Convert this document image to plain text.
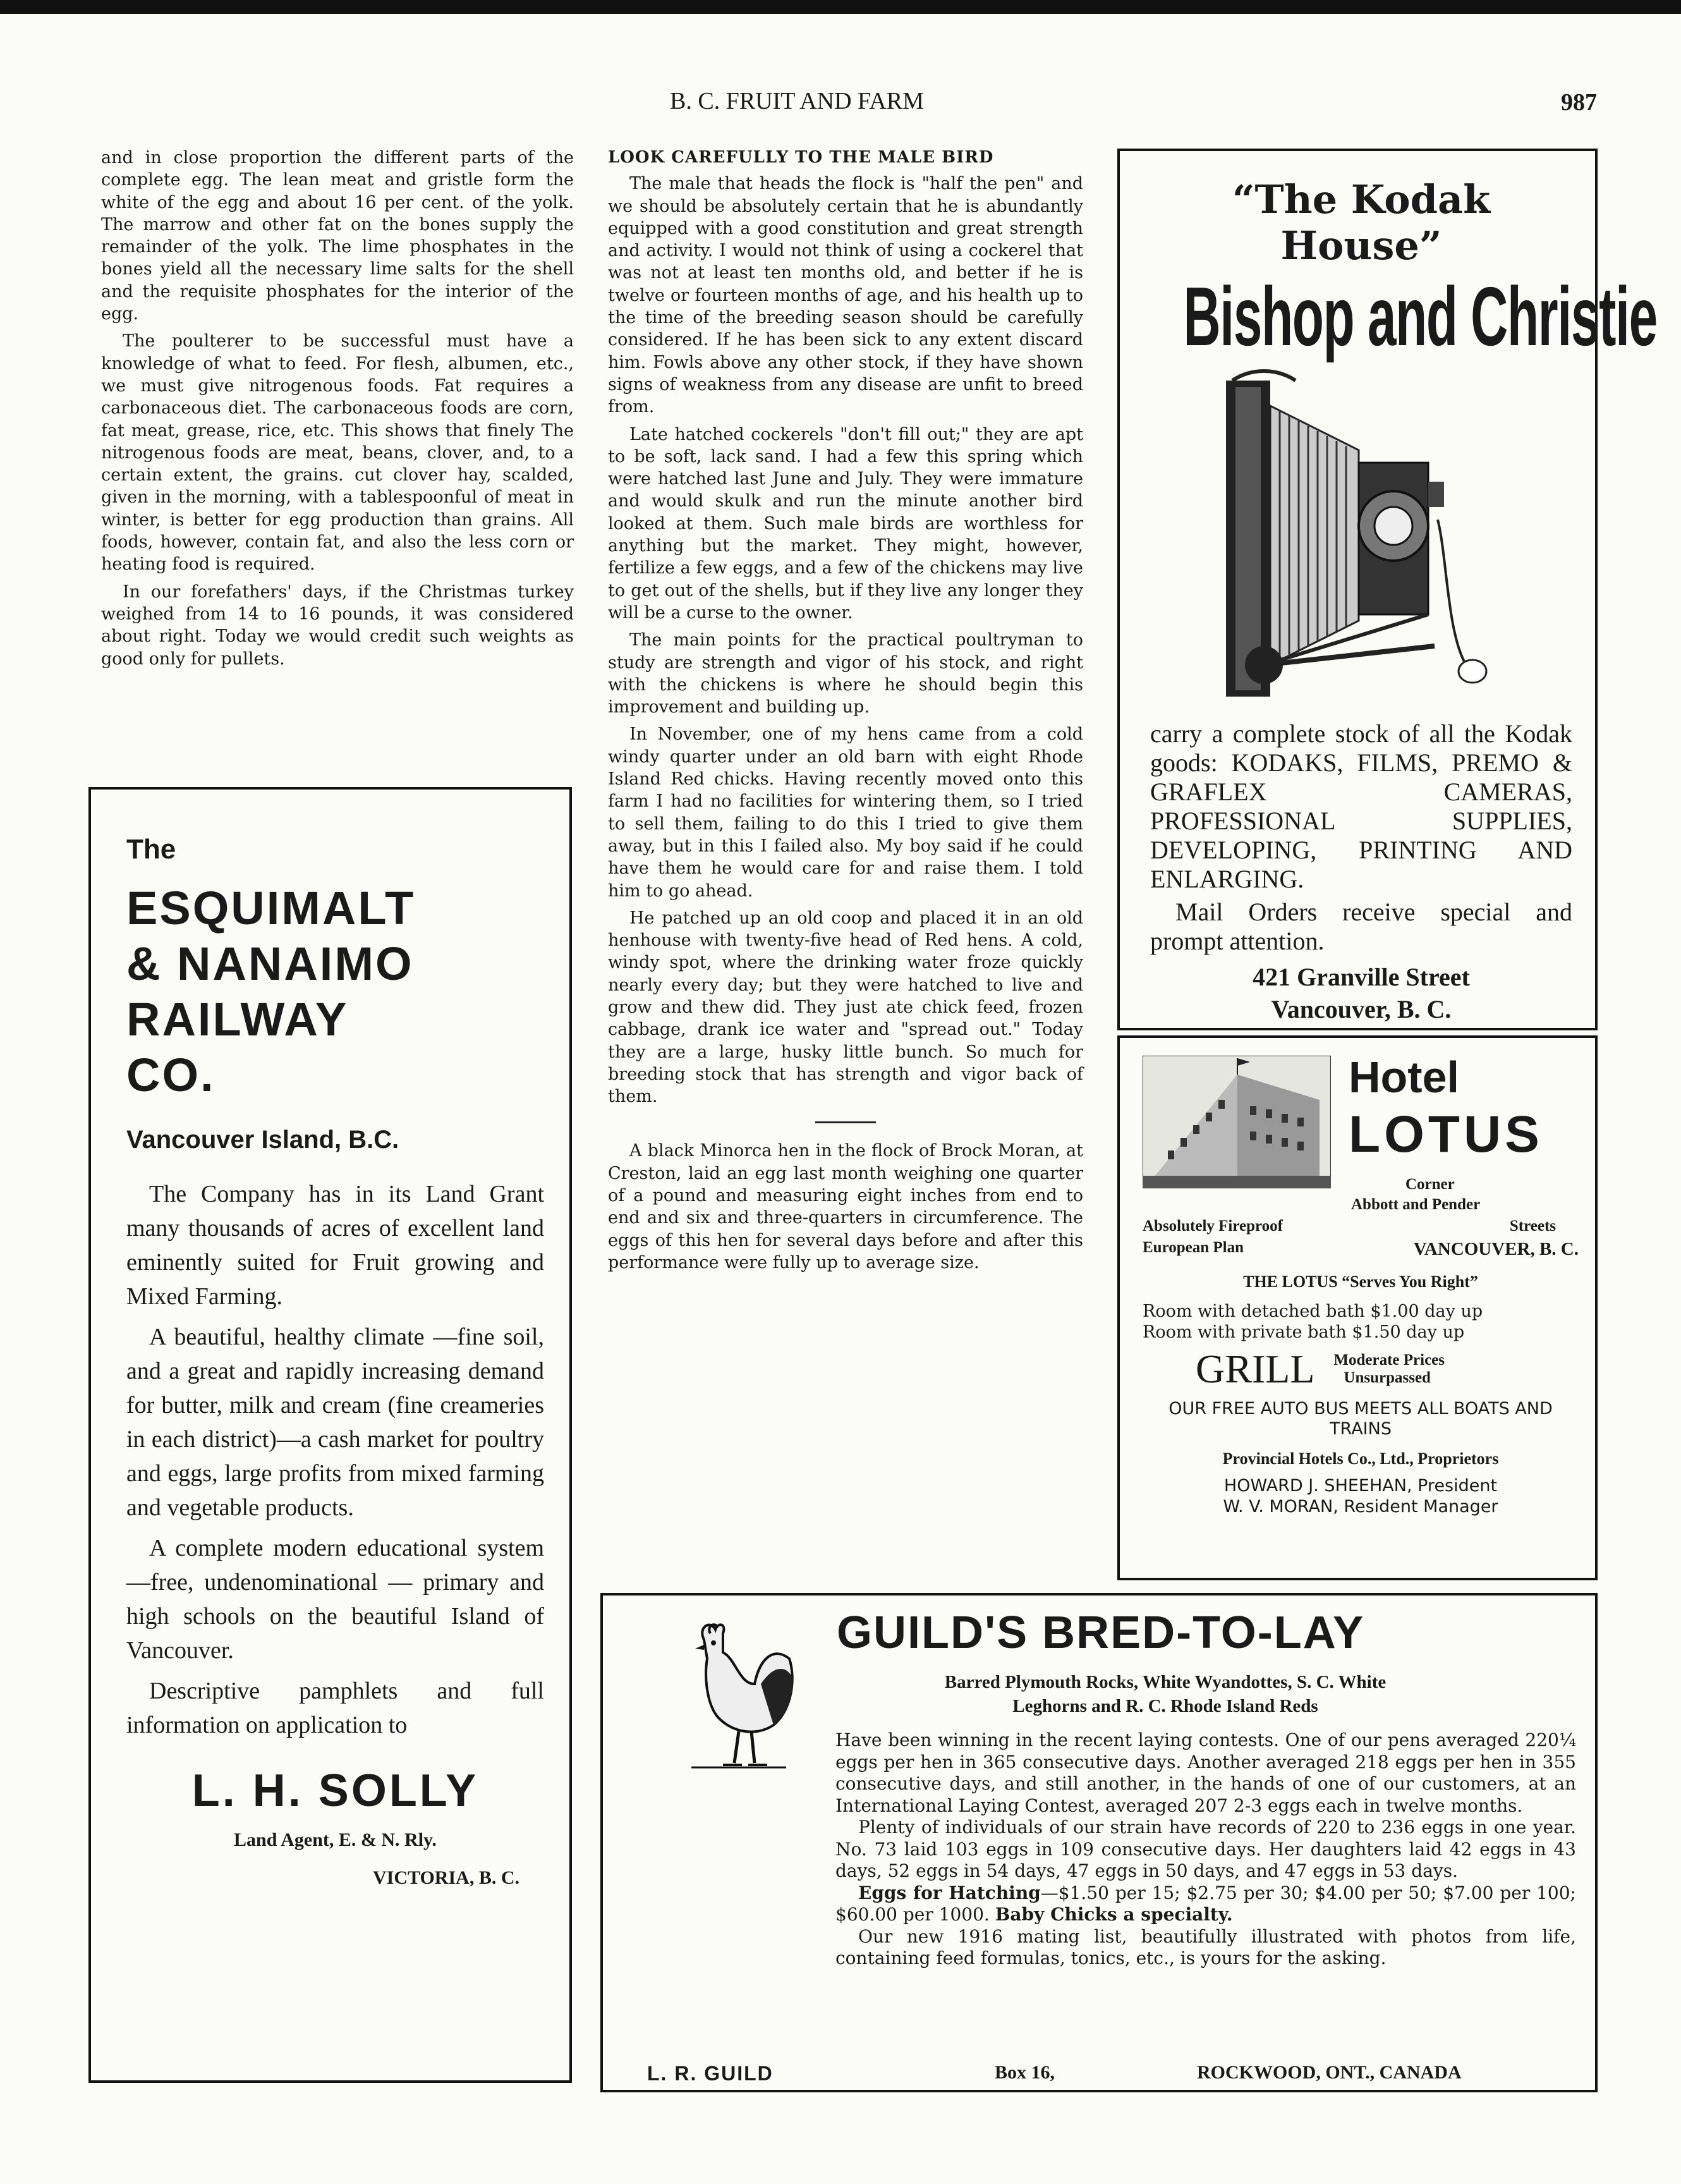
B. C. FRUIT AND FARM	987

and in close proportion the different parts of the complete egg. The lean meat and gristle form the white of the egg and about 16 per cent. of the yolk. The marrow and other fat on the bones supply the remainder of the yolk. The lime phosphates in the bones yield all the necessary lime salts for the shell and the requisite phosphates for the interior of the egg.

The poulterer to be successful must have a knowledge of what to feed. For flesh, albumen, etc., we must give nitrogenous foods. Fat requires a carbonaceous diet. The carbonaceous foods are corn, fat meat, grease, rice, etc. This shows that finely The nitrogenous foods are meat, beans, clover, and, to a certain extent, the grains. cut clover hay, scalded, given in the morning, with a tablespoonful of meat in winter, is better for egg production than grains. All foods, however, contain fat, and also the less corn or heating food is required.

In our forefathers' days, if the Christmas turkey weighed from 14 to 16 pounds, it was considered about right. Today we would credit such weights as good only for pullets.

LOOK CAREFULLY TO THE MALE BIRD

The male that heads the flock is "half the pen" and we should be absolutely certain that he is abundantly equipped with a good constitution and great strength and activity. I would not think of using a cockerel that was not at least ten months old, and better if he is twelve or fourteen months of age, and his health up to the time of the breeding season should be carefully considered. If he has been sick to any extent discard him. Fowls above any other stock, if they have shown signs of weakness from any disease are unfit to breed from.

Late hatched cockerels "don't fill out;" they are apt to be soft, lack sand. I had a few this spring which were hatched last June and July. They were immature and would skulk and run the minute another bird looked at them. Such male birds are worthless for anything but the market. They might, however, fertilize a few eggs, and a few of the chickens may live to get out of the shells, but if they live any longer they will be a curse to the owner.

The main points for the practical poultryman to study are strength and vigor of his stock, and right with the chickens is where he should begin this improvement and building up.

In November, one of my hens came from a cold windy quarter under an old barn with eight Rhode Island Red chicks. Having recently moved onto this farm I had no facilities for wintering them, so I tried to sell them, failing to do this I tried to give them away, but in this I failed also. My boy said if he could have them he would care for and raise them. I told him to go ahead.

He patched up an old coop and placed it in an old henhouse with twenty-five head of Red hens. A cold, windy spot, where the drinking water froze quickly nearly every day; but they were hatched to live and grow and thew did. They just ate chick feed, frozen cabbage, drank ice water and "spread out." Today they are a large, husky little bunch. So much for breeding stock that has strength and vigor back of them.

A black Minorca hen in the flock of Brock Moran, at Creston, laid an egg last month weighing one quarter of a pound and measuring eight inches from end to end and six and three-quarters in circumference. The eggs of this hen for several days before and after this performance were fully up to average size.

The
ESQUIMALT
& NANAIMO
RAILWAY
CO.
Vancouver Island, B.C.

The Company has in its Land Grant many thousands of acres of excellent land eminently suited for Fruit growing and Mixed Farming.

A beautiful, healthy climate —fine soil, and a great and rapidly increasing demand for butter, milk and cream (fine creameries in each district)—a cash market for poultry and eggs, large profits from mixed farming and vegetable products.

A complete modern educational system—free, undenominational — primary and high schools on the beautiful Island of Vancouver.

Descriptive pamphlets and full information on application to

L. H. SOLLY
Land Agent, E. & N. Rly.
VICTORIA, B. C.
“The Kodak House”
Bishop and Christie
carry a complete stock of all the Kodak goods: KODAKS, FILMS, PREMO & GRAFLEX CAMERAS, PROFESSIONAL SUPPLIES, DEVELOPING, PRINTING AND ENLARGING.
Mail Orders receive special and prompt attention.
421 Granville Street
Vancouver, B. C.
Hotel
LOTUS
Corner
Abbott and Pender
Absolutely Fireproof	Streets
European Plan	VANCOUVER, B. C.
THE LOTUS “Serves You Right”
Room with detached bath $1.00 day up
Room with private bath $1.50 day up
GRILL Moderate Prices
Unsurpassed
OUR FREE AUTO BUS MEETS ALL BOATS AND TRAINS
Provincial Hotels Co., Ltd., Proprietors
HOWARD J. SHEEHAN, President
W. V. MORAN, Resident Manager
GUILD'S BRED-TO-LAY
Barred Plymouth Rocks, White Wyandottes, S. C. White
Leghorns and R. C. Rhode Island Reds

Have been winning in the recent laying contests. One of our pens averaged 220¼ eggs per hen in 365 consecutive days. Another averaged 218 eggs per hen in 355 consecutive days, and still another, in the hands of one of our customers, at an International Laying Contest, averaged 207 2-3 eggs each in twelve months.

Plenty of individuals of our strain have records of 220 to 236 eggs in one year. No. 73 laid 103 eggs in 109 consecutive days. Her daughters laid 42 eggs in 43 days, 52 eggs in 54 days, 47 eggs in 50 days, and 47 eggs in 53 days.

Eggs for Hatching—$1.50 per 15; $2.75 per 30; $4.00 per 50; $7.00 per 100; $60.00 per 1000. Baby Chicks a specialty.

Our new 1916 mating list, beautifully illustrated with photos from life, containing feed formulas, tonics, etc., is yours for the asking.

L. R. GUILD	Box 16,	ROCKWOOD, ONT., CANADA
